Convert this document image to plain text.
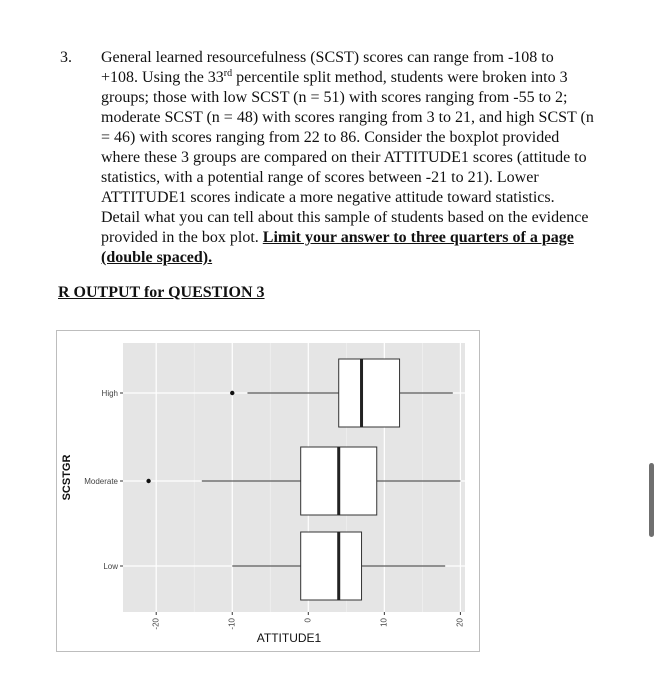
3. General learned resourcefulness (SCST) scores can range from -108 to
+108. Using the 33rd percentile split method, students were broken into 3
groups; those with low SCST (n = 51) with scores ranging from -55 to 2;
moderate SCST (n = 48) with scores ranging from 3 to 21, and high SCST (n
= 46) with scores ranging from 22 to 86. Consider the boxplot provided
where these 3 groups are compared on their ATTITUDE1 scores (attitude to
statistics, with a potential range of scores between -21 to 21). Lower
ATTITUDE1 scores indicate a more negative attitude toward statistics.
Detail what you can tell about this sample of students based on the evidence
provided in the box plot. Limit your answer to three quarters of a page
(double spaced).
R OUTPUT for QUESTION 3
High
Moderate
Low
-20	-10	0	10	20
ATTITUDE1
SCSTGR
